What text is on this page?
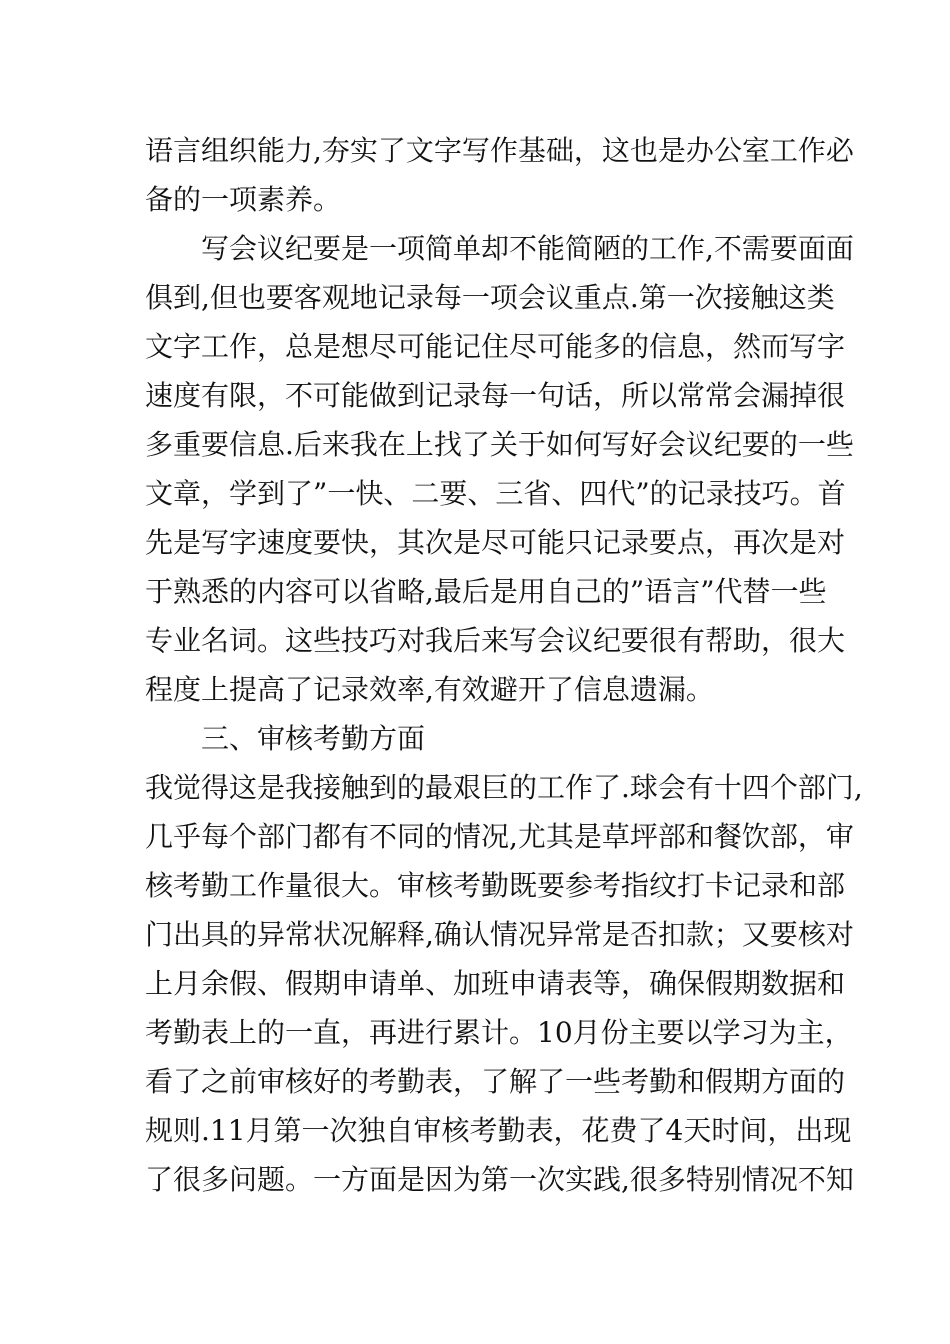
语言组织能力,夯实了文字写作基础，这也是办公室工作必
备的一项素养。
写会议纪要是一项简单却不能简陋的工作,不需要面面
俱到,但也要客观地记录每一项会议重点.第一次接触这类
文字工作，总是想尽可能记住尽可能多的信息，然而写字
速度有限，不可能做到记录每一句话，所以常常会漏掉很
多重要信息.后来我在上找了关于如何写好会议纪要的一些
文章，学到了”一快、二要、三省、四代”的记录技巧。首
先是写字速度要快，其次是尽可能只记录要点，再次是对
于熟悉的内容可以省略,最后是用自己的”语言”代替一些
专业名词。这些技巧对我后来写会议纪要很有帮助，很大
程度上提高了记录效率,有效避开了信息遗漏。
三、审核考勤方面
我觉得这是我接触到的最艰巨的工作了.球会有十四个部门,
几乎每个部门都有不同的情况,尤其是草坪部和餐饮部，审
核考勤工作量很大。审核考勤既要参考指纹打卡记录和部
门出具的异常状况解释,确认情况异常是否扣款；又要核对
上月余假、假期申请单、加班申请表等，确保假期数据和
考勤表上的一直，再进行累计。10月份主要以学习为主，
看了之前审核好的考勤表，了解了一些考勤和假期方面的
规则.11月第一次独自审核考勤表，花费了4天时间，出现
了很多问题。一方面是因为第一次实践,很多特别情况不知
